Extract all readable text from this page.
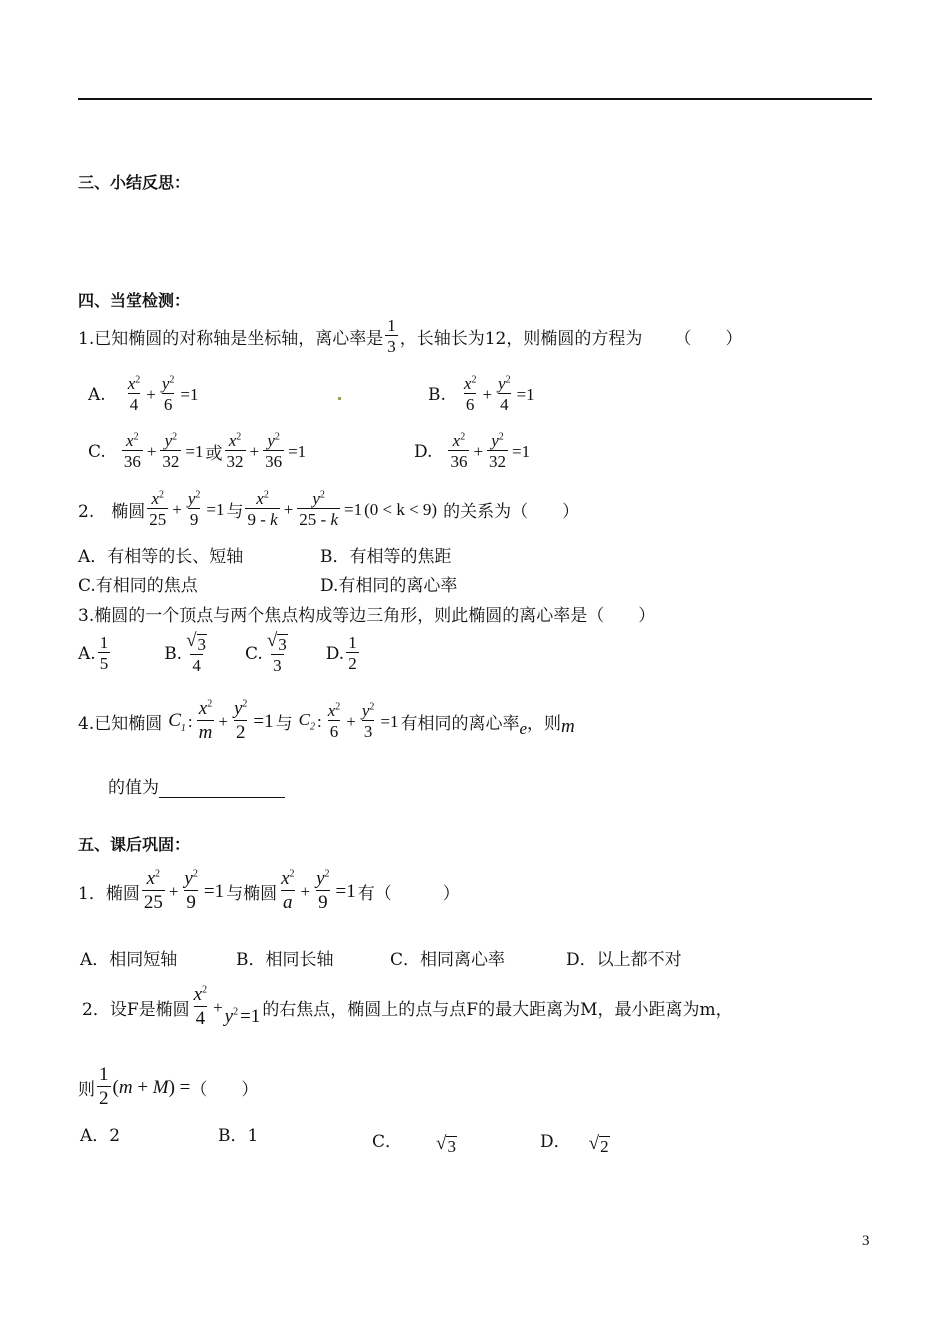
三、小结反思：
四、当堂检测：
1.已知椭圆的对称轴是坐标轴，离心率是 $\frac{1}{3}$ ，长轴长为12，则椭圆的方程为 （　　）
A. $\frac{x^2}{4} + \frac{y^2}{6} =1$	B. $\frac{x^2}{6} + \frac{y^2}{4} =1$
C. $\frac{x^2}{36} + \frac{y^2}{32} =1$ 或 $\frac{x^2}{32} + \frac{y^2}{36} =1$	D. $\frac{x^2}{36} + \frac{y^2}{32} =1$
2.　椭圆 $\frac{x^2}{25} + \frac{y^2}{9} =1$ 与 $\frac{x^2}{9 - k} + \frac{y^2}{25 - k} =1$ (0 < k < 9) 的关系为（　　）
A．有相等的长、短轴	B．有相等的焦距
C.有相同的焦点	D.有相同的离心率
3.椭圆的一个顶点与两个焦点构成等边三角形，则此椭圆的离心率是（　　）
A. $\frac{1}{5}$	B. $\frac{√ 3}{4} C$. $\frac{√ 3}{3} D$. $\frac{1}{2}$
4.已知椭圆 $C_1$ : $\frac{x^2}{m} + \frac{y^2}{2} =1$ 与 $C_2$ : $\frac{x^2}{6} + \frac{y^2}{3} =1$ 有相同的离心率 e ，则 m
的值为
五、课后巩固：
1．椭圆 $\frac{x^2}{25} + \frac{y^2}{9} =1$ 与椭圆 $\frac{x^2}{a} + \frac{y^2}{9} =1$ 有（　　　）
A．相同短轴	B．相同长轴	C．相同离心率	D．以上都不对
2．设F是椭圆 $\frac{x^2}{4} + y^2 =1$ 的右焦点，椭圆上的点与点F的最大距离为M，最小距离为m，
则 $\frac{1}{2} (m + M)$ = （　　）
A．2	B．1	C． √ 3	D． √ 2
3
